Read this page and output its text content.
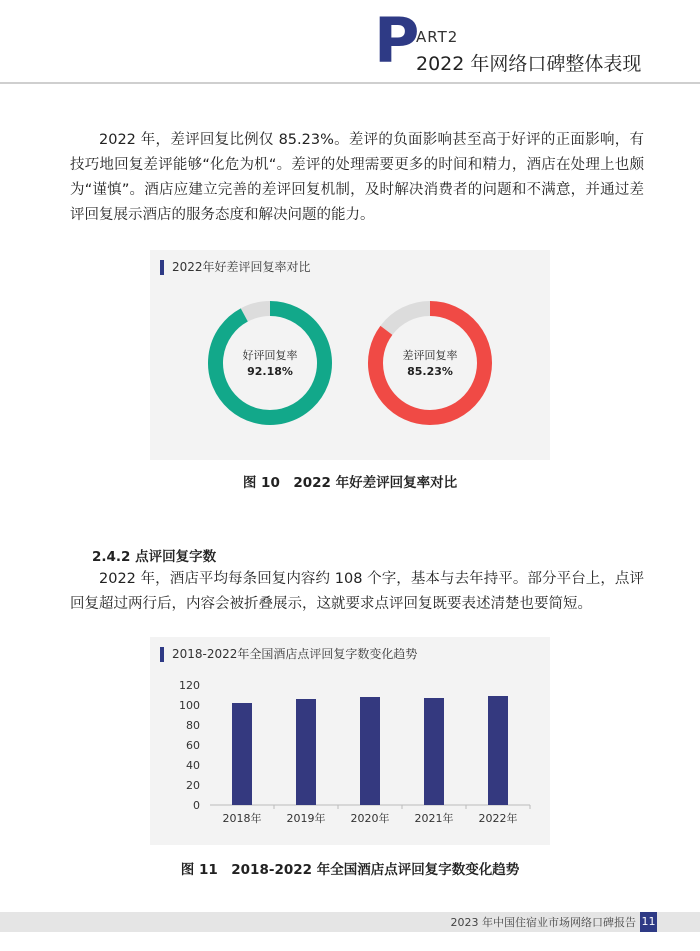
P
ART2
2022 年网络口碑整体表现

2022 年，差评回复比例仅 85.23%。差评的负面影响甚至高于好评的正面影响，有技巧地回复差评能够“化危为机“。差评的处理需要更多的时间和精力，酒店在处理上也颇为“谨慎”。酒店应建立完善的差评回复机制，及时解决消费者的问题和不满意，并通过差评回复展示酒店的服务态度和解决问题的能力。

2022年好差评回复率对比
好评回复率
92.18%
差评回复率
85.23%
图 10　2022 年好差评回复率对比
2.4.2 点评回复字数

2022 年，酒店平均每条回复内容约 108 个字，基本与去年持平。部分平台上，点评回复超过两行后，内容会被折叠展示，这就要求点评回复既要表述清楚也要简短。

2018-2022年全国酒店点评回复字数变化趋势
0
20
40
60
80
100
120
2018年 2019年 2020年 2021年 2022年
图 11　2018-2022 年全国酒店点评回复字数变化趋势
2023 年中国住宿业市场网络口碑报告 11
